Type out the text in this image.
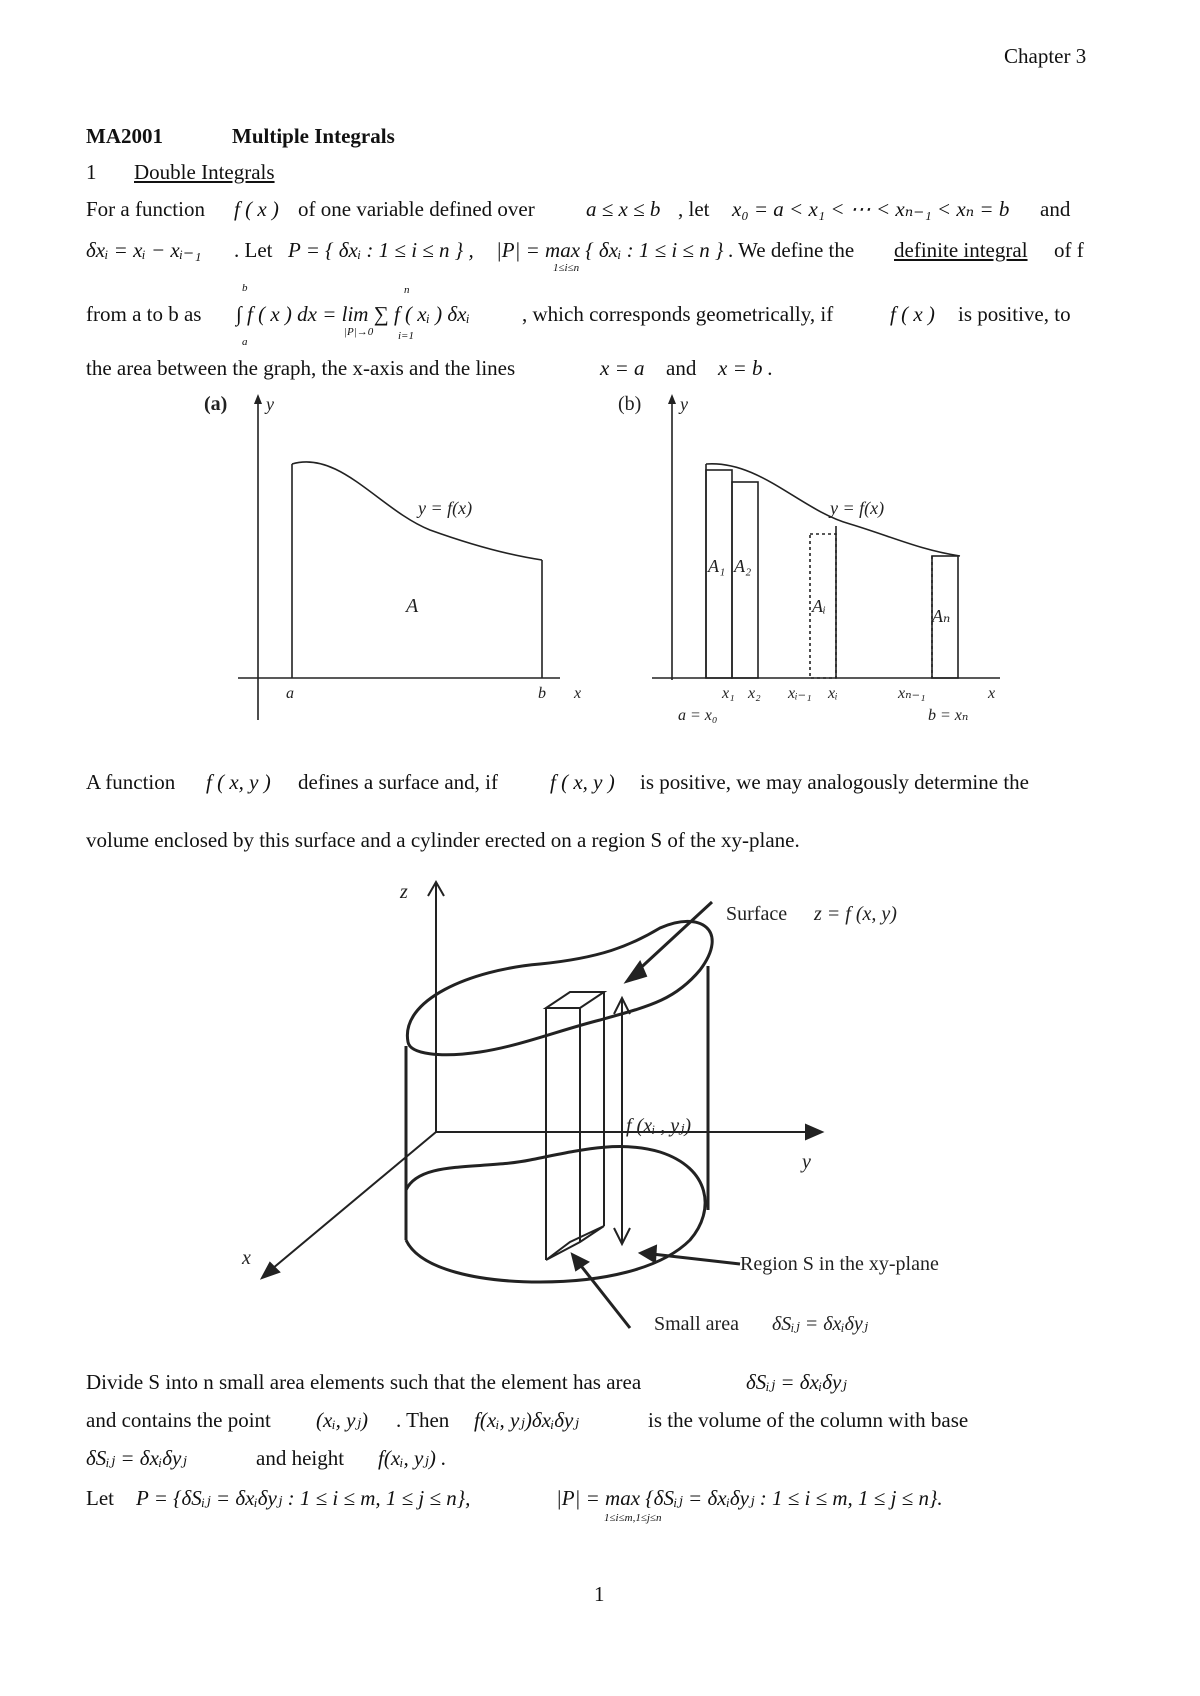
Chapter 3
MA2001	Multiple Integrals
1 Double Integrals
For a function f ( x ) of one variable defined over a ≤ x ≤ b , let x₀ = a < x₁ < ⋯ < xₙ₋₁ < xₙ = b and
δxᵢ = xᵢ − xᵢ₋₁ . Let P = { δxᵢ : 1 ≤ i ≤ n } , |P| = max { δxᵢ : 1 ≤ i ≤ n }
1≤i≤n
. We define the definite integral of f
from a to b as ∫ f ( x ) dx = lim ∑ f ( xᵢ ) δxᵢ
b
a
|P|→0
n
i=1
, which corresponds geometrically, if	f ( x ) is positive, to
the area between the graph, the x-axis and the lines	x = a and x = b .
(a)	(b)
y
y = f(x)
A
a	b x
y
y = f(x)
A₁ A₂
Aᵢ	Aₙ
x₁ x₂ xᵢ₋₁ xᵢ	xₙ₋₁	x
a = x₀	b = xₙ
A function f ( x, y ) defines a surface and, if f ( x, y ) is positive, we may analogously determine the
volume enclosed by this surface and a cylinder erected on a region S of the xy-plane.
z
y
x
Surface z = f (x, y)
f (xᵢ , yⱼ)
Region S in the xy-plane
Small area δSᵢⱼ = δxᵢδyⱼ
Divide S into n small area elements such that the element has area	δSᵢⱼ = δxᵢδyⱼ
and contains the point (xᵢ, yⱼ) . Then f(xᵢ, yⱼ)δxᵢδyⱼ	is the volume of the column with base
δSᵢⱼ = δxᵢδyⱼ	and height f(xᵢ, yⱼ) .
Let P = {δSᵢⱼ = δxᵢδyⱼ : 1 ≤ i ≤ m, 1 ≤ j ≤ n},	|P| = max {δSᵢⱼ = δxᵢδyⱼ : 1 ≤ i ≤ m, 1 ≤ j ≤ n}.
1≤i≤m,1≤j≤n
1
